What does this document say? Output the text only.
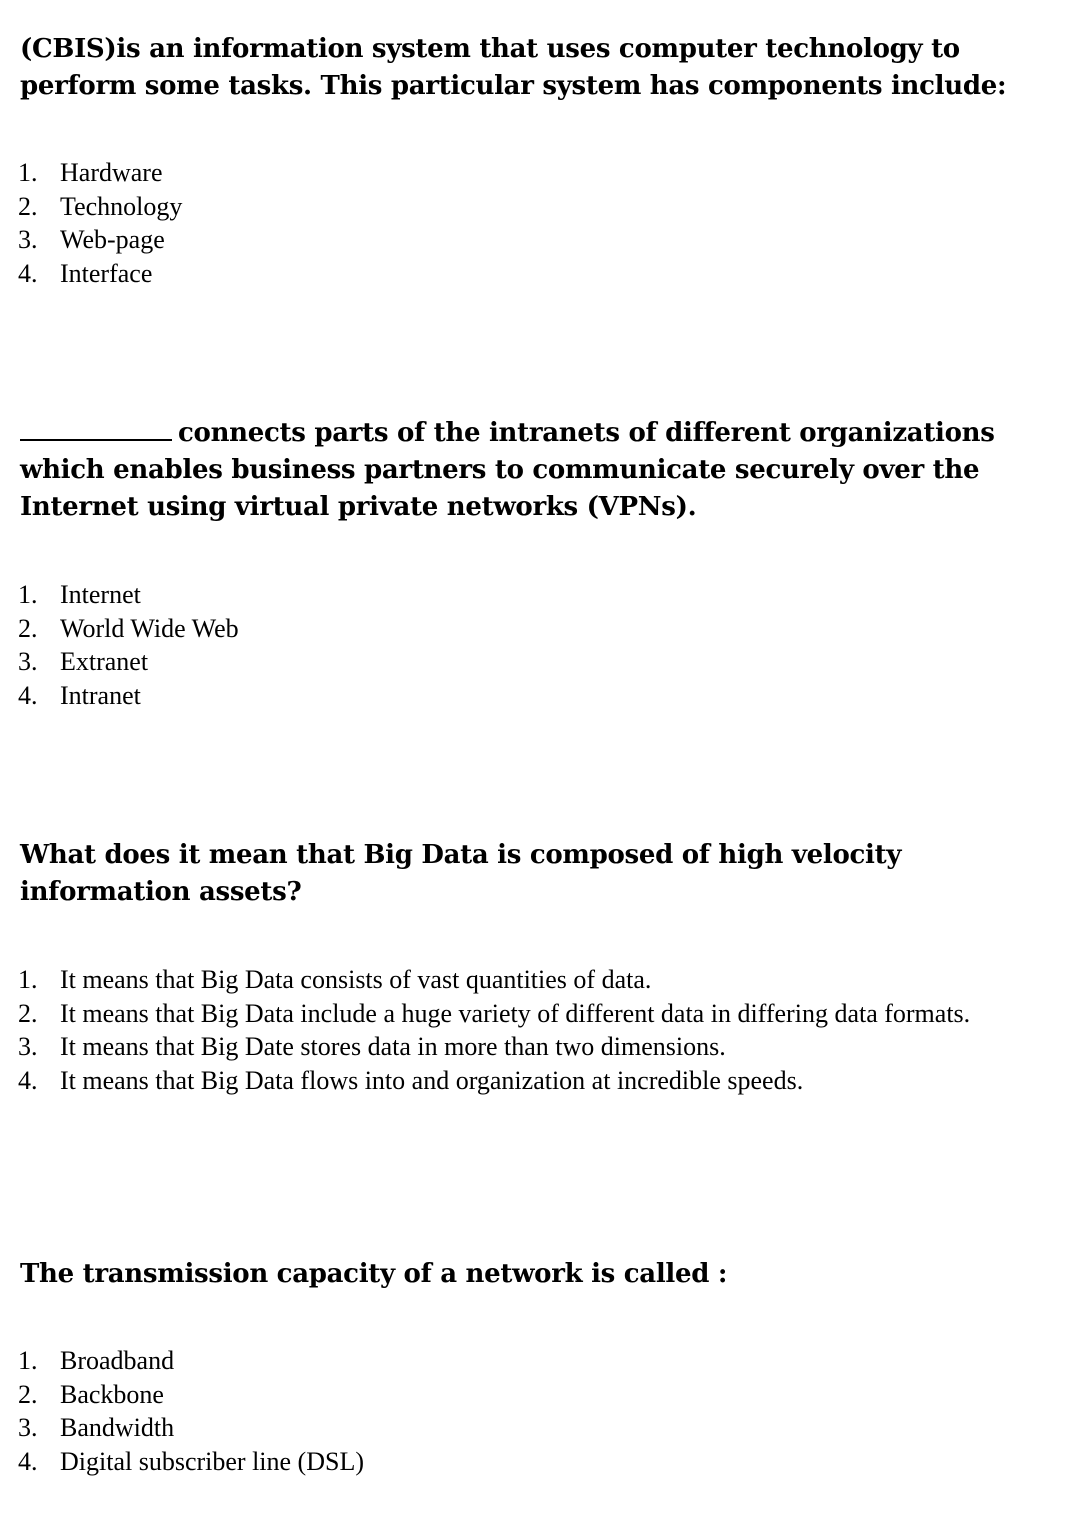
(CBIS)is an information system that uses computer technology to perform some tasks. This particular system has components include:

1. Hardware
2. Technology
3. Web-page
4. Interface

connects parts of the intranets of different organizations which enables business partners to communicate securely over the Internet using virtual private networks (VPNs).

1. Internet
2. World Wide Web
3. Extranet
4. Intranet

What does it mean that Big Data is composed of high velocity information assets?

1. It means that Big Data consists of vast quantities of data.
2. It means that Big Data include a huge variety of different data in differing data formats.
3. It means that Big Date stores data in more than two dimensions.
4. It means that Big Data flows into and organization at incredible speeds.

The transmission capacity of a network is called :

1. Broadband
2. Backbone
3. Bandwidth
4. Digital subscriber line (DSL)
